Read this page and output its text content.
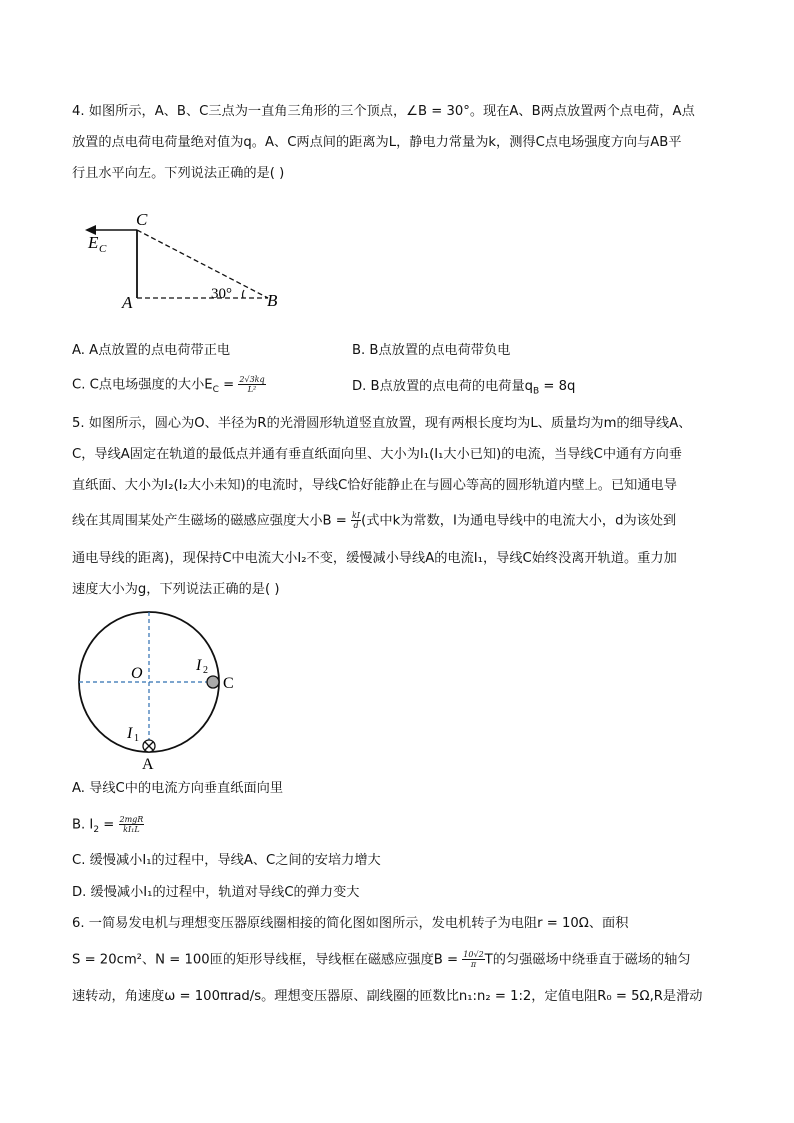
4. 如图所示，A、B、C三点为一直角三角形的三个顶点，∠B = 30°。现在A、B两点放置两个点电荷，A点
放置的点电荷电荷量绝对值为q。A、C两点间的距离为L，静电力常量为k，测得C点电场强度方向与AB平
行且水平向左。下列说法正确的是( )
C
A	B
E C
30°
A. A点放置的点电荷带正电	B. B点放置的点电荷带负电
C. C点电场强度的大小$E_C = \frac{2√3kq}{\text{L²}}$	D. B点放置的点电荷的电荷量$q_B = 8q$
5. 如图所示，圆心为O、半径为R的光滑圆形轨道竖直放置，现有两根长度均为L、质量均为m的细导线A、
C，导线A固定在轨道的最低点并通有垂直纸面向里、大小为I₁(I₁大小已知)的电流，当导线C中通有方向垂
直纸面、大小为I₂(I₂大小未知)的电流时，导线C恰好能静止在与圆心等高的圆形轨道内壁上。已知通电导
线在其周围某处产生磁场的磁感应强度大小$B = \frac{kI}{d}$ (式中k为常数，I为通电导线中的电流大小，d为该处到
通电导线的距离)，现保持C中电流大小I₂不变，缓慢减小导线A的电流I₁，导线C始终没离开轨道。重力加
速度大小为g，下列说法正确的是( )
O	I 2
C
I 1
A
A. 导线C中的电流方向垂直纸面向里
B. $I_2 = \frac{\text{2mgR}}{\text{kI₁L}}$
C. 缓慢减小I₁的过程中，导线A、C之间的安培力增大
D. 缓慢减小I₁的过程中，轨道对导线C的弹力变大
6. 一简易发电机与理想变压器原线圈相接的简化图如图所示，发电机转子为电阻r = 10Ω、面积
S = 20cm²、N = 100匝的矩形导线框，导线框在磁感应强度$B = \frac{10√2}{\pi}$ T的匀强磁场中绕垂直于磁场的轴匀
速转动，角速度ω = 100πrad/s。理想变压器原、副线圈的匝数比n₁:n₂ = 1:2，定值电阻R₀ = 5Ω,R是滑动
